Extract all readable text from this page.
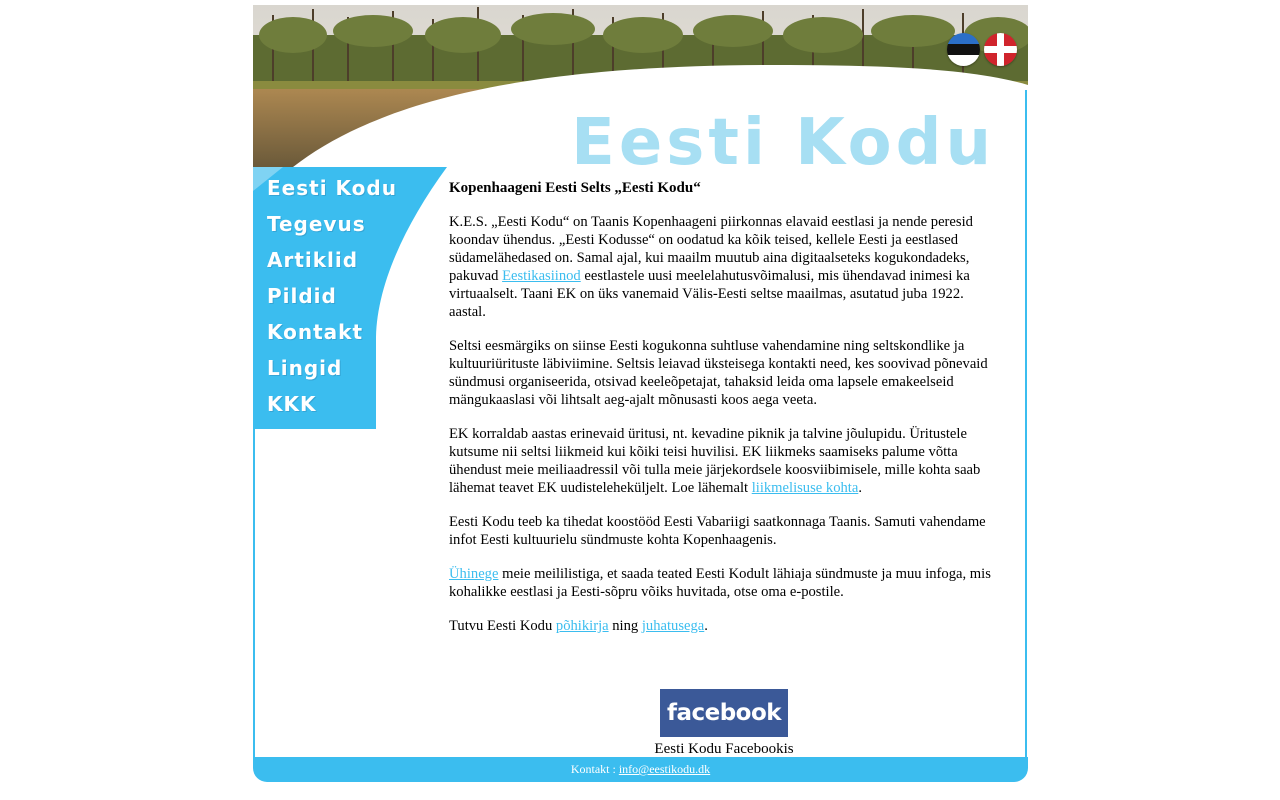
Eesti Kodu
Eesti Kodu
Tegevus
Artiklid
Pildid
Kontakt
Lingid
KKK
Kopenhaageni Eesti Selts „Eesti Kodu“

K.E.S. „Eesti Kodu“ on Taanis Kopenhaageni piirkonnas elavaid eestlasi ja nende peresid koondav ühendus. „Eesti Kodusse“ on oodatud ka kõik teised, kellele Eesti ja eestlased südamelähedased on. Samal ajal, kui maailm muutub aina digitaalseteks kogukondadeks, pakuvad Eestikasiinod eestlastele uusi meelelahutusvõimalusi, mis ühendavad inimesi ka virtuaalselt. Taani EK on üks vanemaid Välis-Eesti seltse maailmas, asutatud juba 1922. aastal.

Seltsi eesmärgiks on siinse Eesti kogukonna suhtluse vahendamine ning seltskondlike ja kultuuriürituste läbiviimine. Seltsis leiavad üksteisega kontakti need, kes soovivad põnevaid sündmusi organiseerida, otsivad keeleõpetajat, tahaksid leida oma lapsele emakeelseid mängukaaslasi või lihtsalt aeg-ajalt mõnusasti koos aega veeta.

EK korraldab aastas erinevaid üritusi, nt. kevadine piknik ja talvine jõulupidu. Üritustele kutsume nii seltsi liikmeid kui kõiki teisi huvilisi. EK liikmeks saamiseks palume võtta ühendust meie meiliaadressil või tulla meie järjekordsele koosviibimisele, mille kohta saab lähemat teavet EK uudisteleheküljelt. Loe lähemalt liikmelisuse kohta.

Eesti Kodu teeb ka tihedat koostööd Eesti Vabariigi saatkonnaga Taanis. Samuti vahendame infot Eesti kultuurielu sündmuste kohta Kopenhaagenis.

Ühinege meie meililistiga, et saada teated Eesti Kodult lähiaja sündmuste ja muu infoga, mis kohalikke eestlasi ja Eesti-sõpru võiks huvitada, otse oma e-postile.

Tutvu Eesti Kodu põhikirja ning juhatusega.

facebook
Eesti Kodu Facebookis
Kontakt : info@eestikodu.dk
